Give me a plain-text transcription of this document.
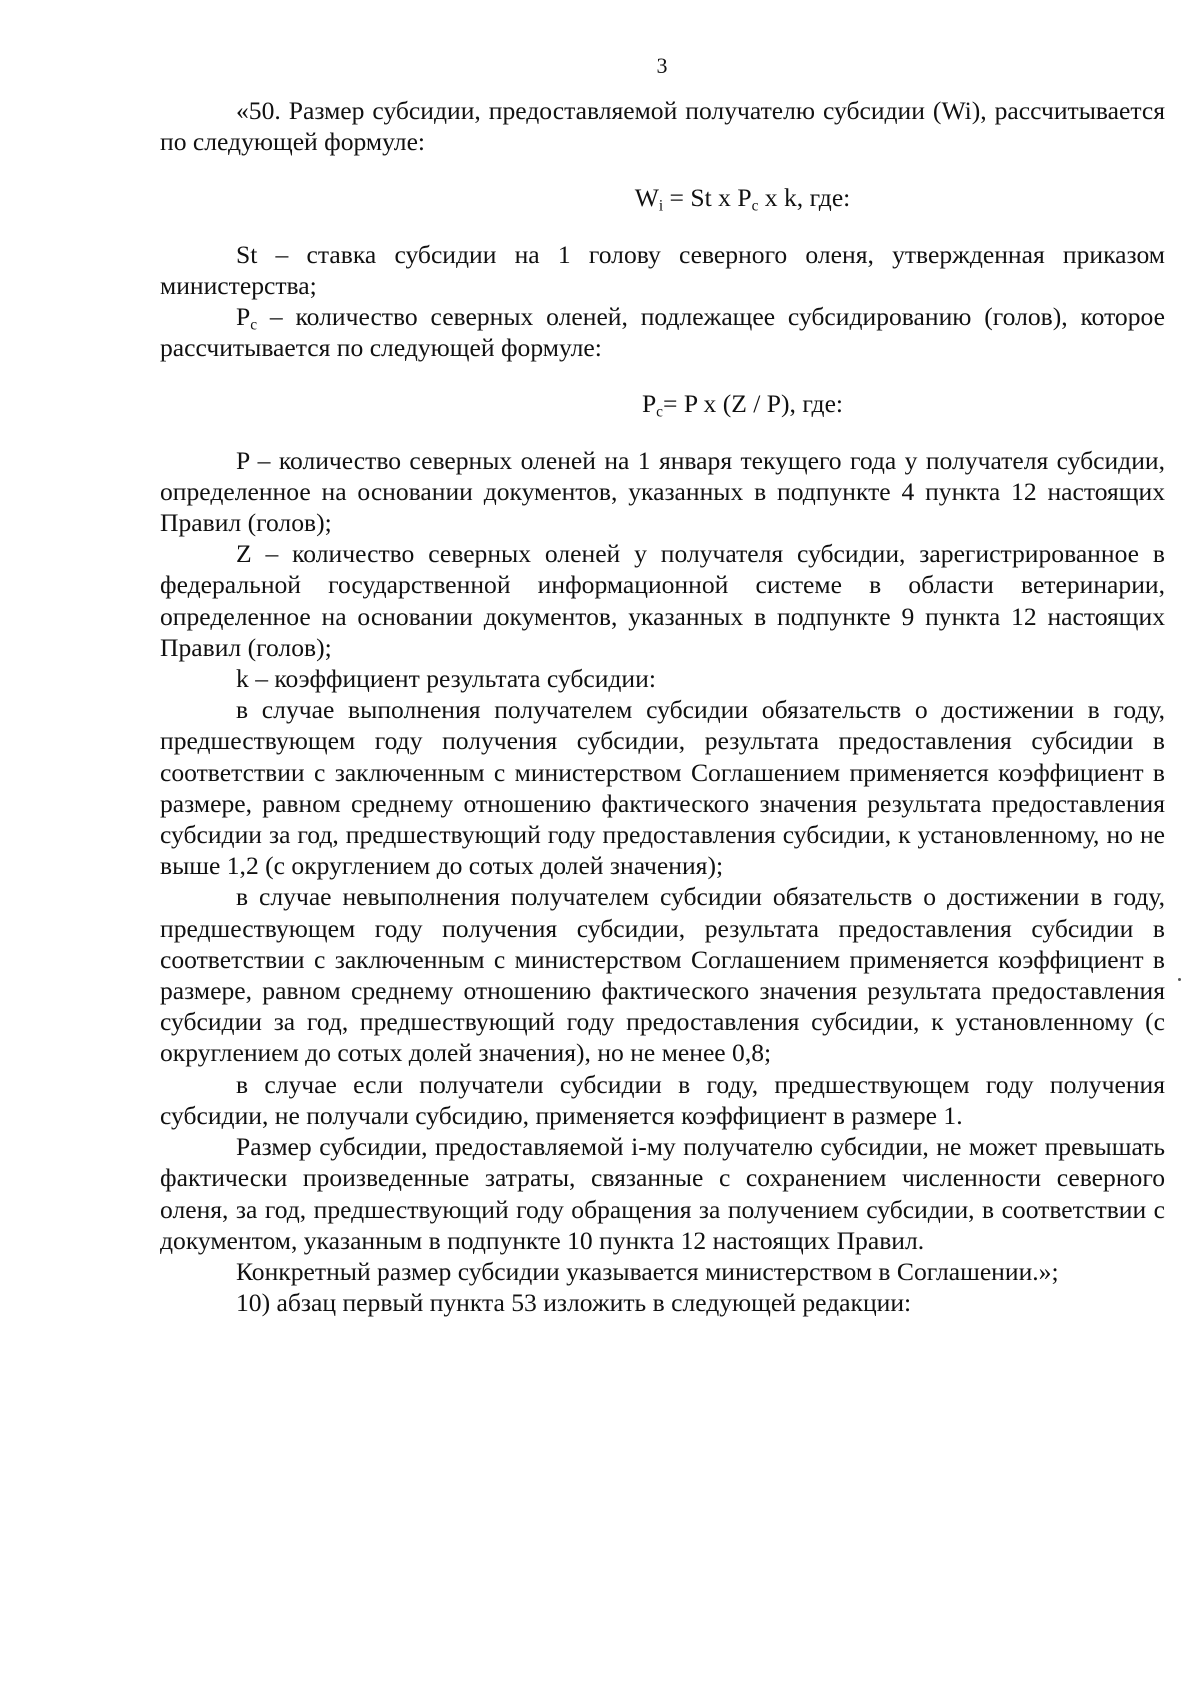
3

«50. Размер субсидии, предоставляемой получателю субсидии (Wi), рассчитывается по следующей формуле:

$W_i = St$ x $P_c$ x k, где:

St – ставка субсидии на 1 голову северного оленя, утвержденная приказом министерства;

$P_c$ – количество северных оленей, подлежащее субсидированию (голов), которое рассчитывается по следующей формуле:

$P_c= P$ x (Z / P), где:

P – количество северных оленей на 1 января текущего года у получателя субсидии, определенное на основании документов, указанных в подпункте 4 пункта 12 настоящих Правил (голов);

Z – количество северных оленей у получателя субсидии, зарегистрированное в федеральной государственной информационной системе в области ветеринарии, определенное на основании документов, указанных в подпункте 9 пункта 12 настоящих Правил (голов);

k – коэффициент результата субсидии:

в случае выполнения получателем субсидии обязательств о достижении в году, предшествующем году получения субсидии, результата предоставления субсидии в соответствии с заключенным с министерством Соглашением применяется коэффициент в размере, равном среднему отношению фактического значения результата предоставления субсидии за год, предшествующий году предоставления субсидии, к установленному, но не выше 1,2 (с округлением до сотых долей значения);

в случае невыполнения получателем субсидии обязательств о достижении в году, предшествующем году получения субсидии, результата предоставления субсидии в соответствии с заключенным с министерством Соглашением применяется коэффициент в размере, равном среднему отношению фактического значения результата предоставления субсидии за год, предшествующий году предоставления субсидии, к установленному (с округлением до сотых долей значения), но не менее 0,8;

в случае если получатели субсидии в году, предшествующем году получения субсидии, не получали субсидию, применяется коэффициент в размере 1.

Размер субсидии, предоставляемой i-му получателю субсидии, не может превышать фактически произведенные затраты, связанные с сохранением численности северного оленя, за год, предшествующий году обращения за получением субсидии, в соответствии с документом, указанным в подпункте 10 пункта 12 настоящих Правил.

Конкретный размер субсидии указывается министерством в Соглашении.»;

10) абзац первый пункта 53 изложить в следующей редакции:
